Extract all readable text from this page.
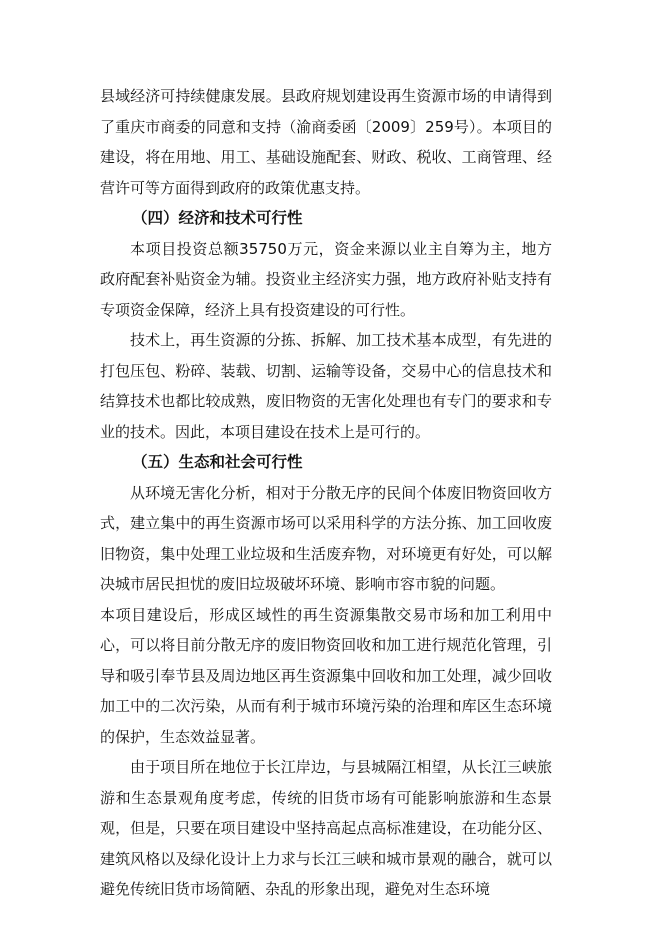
县域经济可持续健康发展。县政府规划建设再生资源市场的申请得到了重庆市商委的同意和支持（渝商委函〔2009〕259号）。本项目的建设，将在用地、用工、基础设施配套、财政、税收、工商管理、经营许可等方面得到政府的政策优惠支持。

（四）经济和技术可行性

本项目投资总额35750万元，资金来源以业主自筹为主，地方政府配套补贴资金为辅。投资业主经济实力强，地方政府补贴支持有专项资金保障，经济上具有投资建设的可行性。

技术上，再生资源的分拣、拆解、加工技术基本成型，有先进的打包压包、粉碎、装载、切割、运输等设备，交易中心的信息技术和结算技术也都比较成熟，废旧物资的无害化处理也有专门的要求和专业的技术。因此，本项目建设在技术上是可行的。

（五）生态和社会可行性

从环境无害化分析，相对于分散无序的民间个体废旧物资回收方式，建立集中的再生资源市场可以采用科学的方法分拣、加工回收废旧物资，集中处理工业垃圾和生活废弃物，对环境更有好处，可以解决城市居民担忧的废旧垃圾破坏环境、影响市容市貌的问题。

本项目建设后，形成区域性的再生资源集散交易市场和加工利用中心，可以将目前分散无序的废旧物资回收和加工进行规范化管理，引导和吸引奉节县及周边地区再生资源集中回收和加工处理，减少回收加工中的二次污染，从而有利于城市环境污染的治理和库区生态环境的保护，生态效益显著。

由于项目所在地位于长江岸边，与县城隔江相望，从长江三峡旅游和生态景观角度考虑，传统的旧货市场有可能影响旅游和生态景观，但是，只要在项目建设中坚持高起点高标准建设，在功能分区、建筑风格以及绿化设计上力求与长江三峡和城市景观的融合，就可以避免传统旧货市场简陋、杂乱的形象出现，避免对生态环境
